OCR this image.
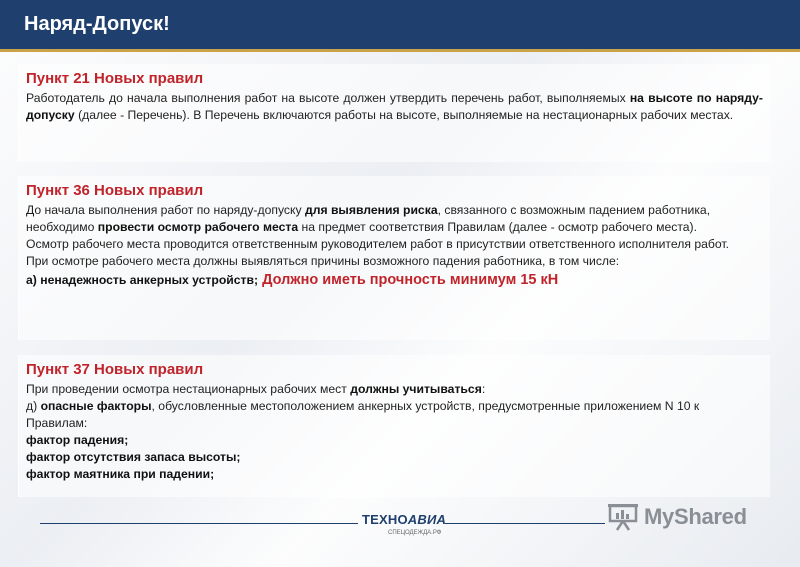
Наряд-Допуск!
Пункт 21 Новых правил

Работодатель до начала выполнения работ на высоте должен утвердить перечень работ, выполняемых на высоте по наряду-допуску (далее - Перечень). В Перечень включаются работы на высоте, выполняемые на нестационарных рабочих местах.

Пункт 36 Новых правил

До начала выполнения работ по наряду-допуску для выявления риска, связанного с возможным падением работника, необходимо провести осмотр рабочего места на предмет соответствия Правилам (далее - осмотр рабочего места).

Осмотр рабочего места проводится ответственным руководителем работ в присутствии ответственного исполнителя работ.

При осмотре рабочего места должны выявляться причины возможного падения работника, в том числе:

а) ненадежность анкерных устройств; Должно иметь прочность минимум 15 кН

Пункт 37 Новых правил

При проведении осмотра нестационарных рабочих мест должны учитываться:

д) опасные факторы, обусловленные местоположением анкерных устройств, предусмотренные приложением N 10 к Правилам:

фактор падения;

фактор отсутствия запаса высоты;

фактор маятника при падении;

ТЕХНОАВИА
СПЕЦОДЕЖДА.РФ
MyShared
